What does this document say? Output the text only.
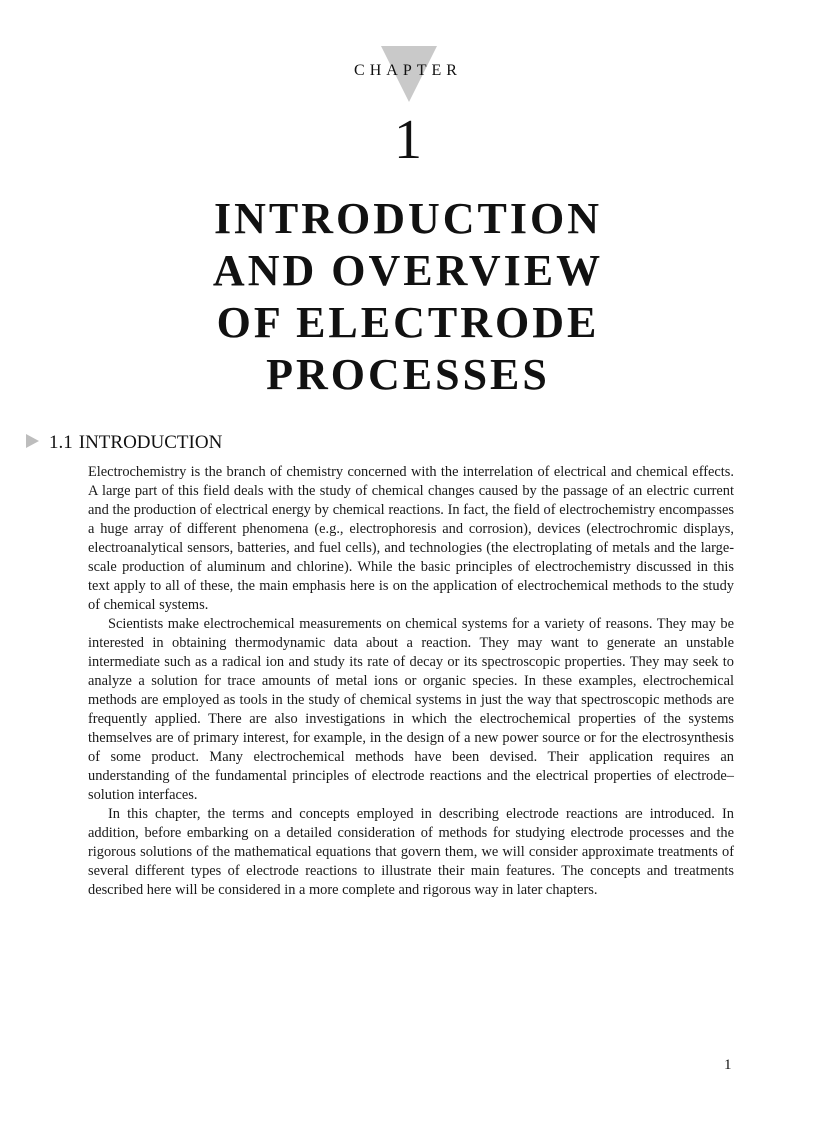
CHAPTER
1
INTRODUCTION
AND OVERVIEW
OF ELECTRODE
PROCESSES
1.1 INTRODUCTION

Electrochemistry is the branch of chemistry concerned with the interrelation of electrical and chemical effects. A large part of this field deals with the study of chemical changes caused by the passage of an electric current and the production of electrical energy by chemical reactions. In fact, the field of electrochemistry encompasses a huge array of different phenomena (e.g., electrophoresis and corrosion), devices (electrochromic displays, electroanalytical sensors, batteries, and fuel cells), and technologies (the electroplating of metals and the large-scale production of aluminum and chlorine). While the basic principles of electrochemistry discussed in this text apply to all of these, the main emphasis here is on the application of electrochemical methods to the study of chemical systems.

Scientists make electrochemical measurements on chemical systems for a variety of reasons. They may be interested in obtaining thermodynamic data about a reaction. They may want to generate an unstable intermediate such as a radical ion and study its rate of decay or its spectroscopic properties. They may seek to analyze a solution for trace amounts of metal ions or organic species. In these examples, electrochemical methods are employed as tools in the study of chemical systems in just the way that spectroscopic methods are frequently applied. There are also investigations in which the electrochemical properties of the systems themselves are of primary interest, for example, in the design of a new power source or for the electrosynthesis of some product. Many electrochemical methods have been devised. Their application requires an understanding of the fundamental principles of electrode reactions and the electrical properties of electrode–solution interfaces.

In this chapter, the terms and concepts employed in describing electrode reactions are introduced. In addition, before embarking on a detailed consideration of methods for studying electrode processes and the rigorous solutions of the mathematical equations that govern them, we will consider approximate treatments of several different types of electrode reactions to illustrate their main features. The concepts and treatments described here will be considered in a more complete and rigorous way in later chapters.

1
